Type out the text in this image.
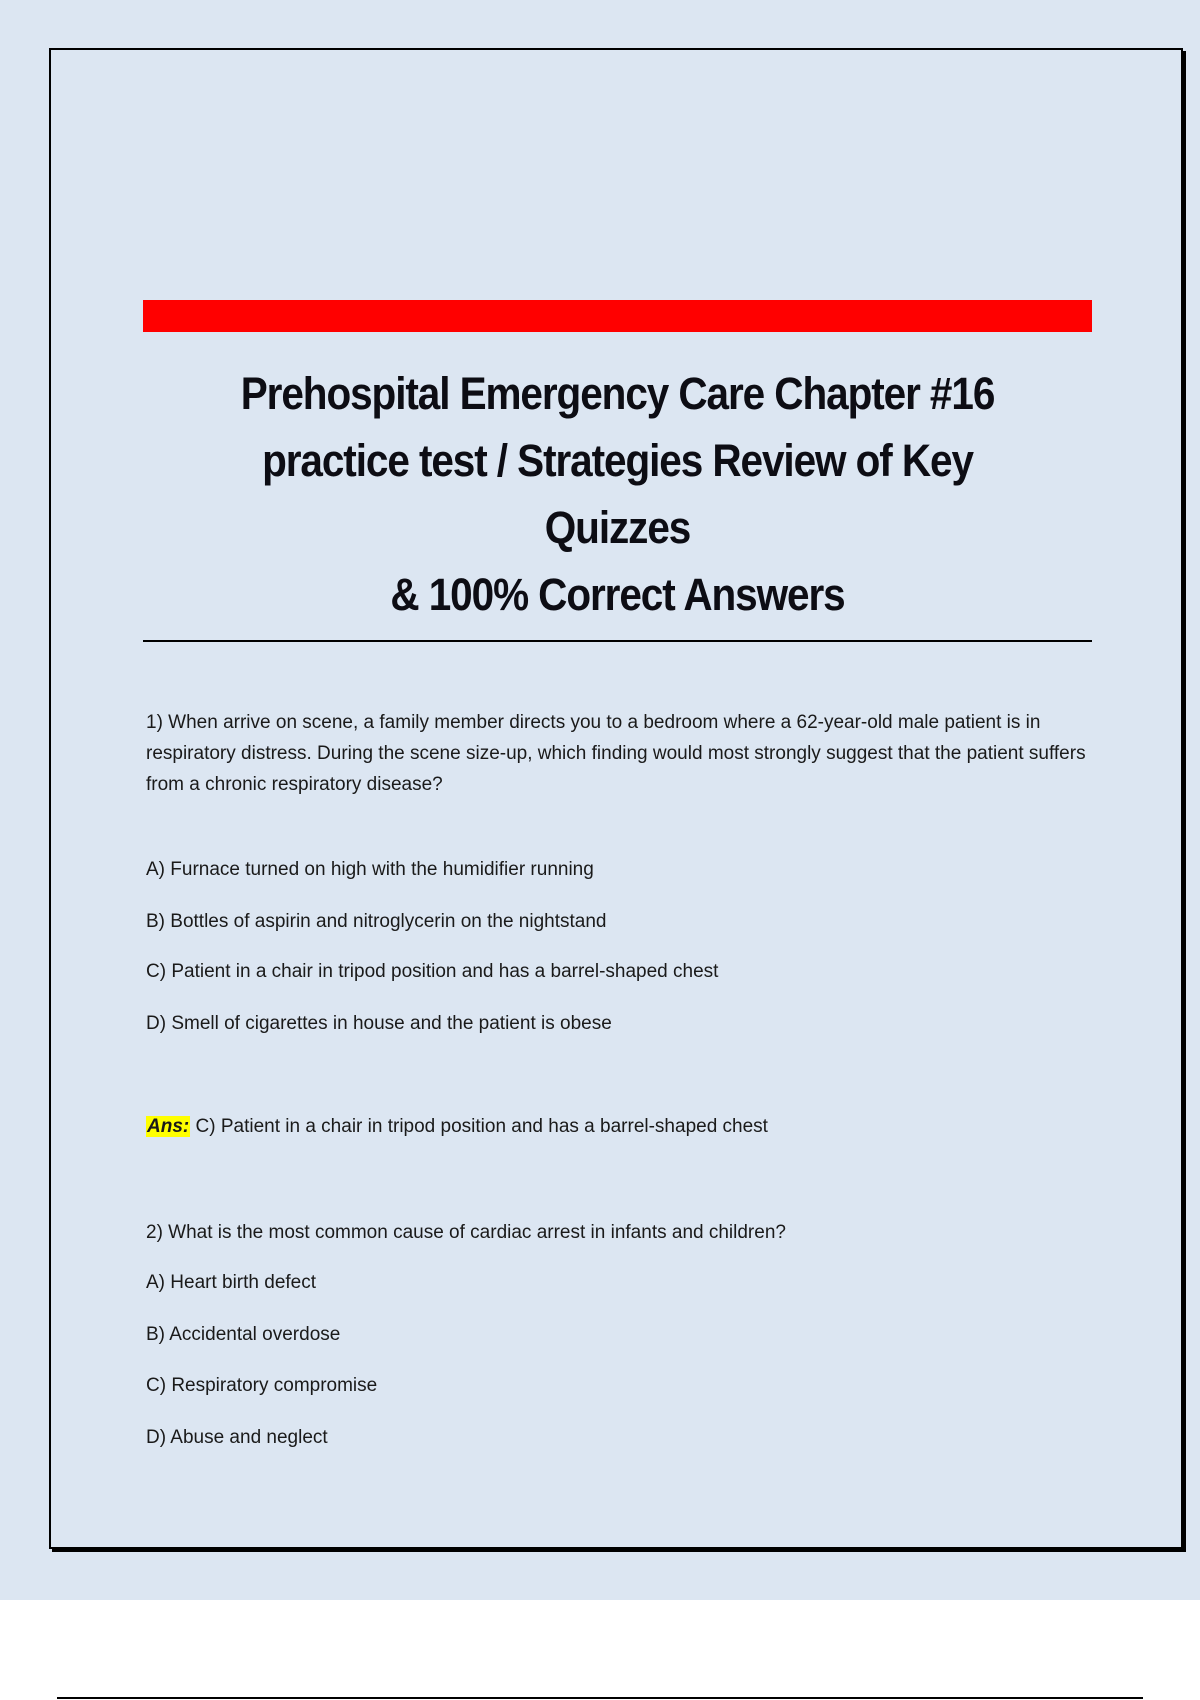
Prehospital Emergency Care Chapter #16
practice test / Strategies Review of Key Quizzes
& 100% Correct Answers

1) When arrive on scene, a family member directs you to a bedroom where a 62-year-old male patient is in respiratory distress. During the scene size-up, which finding would most strongly suggest that the patient suffers from a chronic respiratory disease?

A) Furnace turned on high with the humidifier running

B) Bottles of aspirin and nitroglycerin on the nightstand

C) Patient in a chair in tripod position and has a barrel-shaped chest

D) Smell of cigarettes in house and the patient is obese

Ans: C) Patient in a chair in tripod position and has a barrel-shaped chest

2) What is the most common cause of cardiac arrest in infants and children?

A) Heart birth defect

B) Accidental overdose

C) Respiratory compromise

D) Abuse and neglect
